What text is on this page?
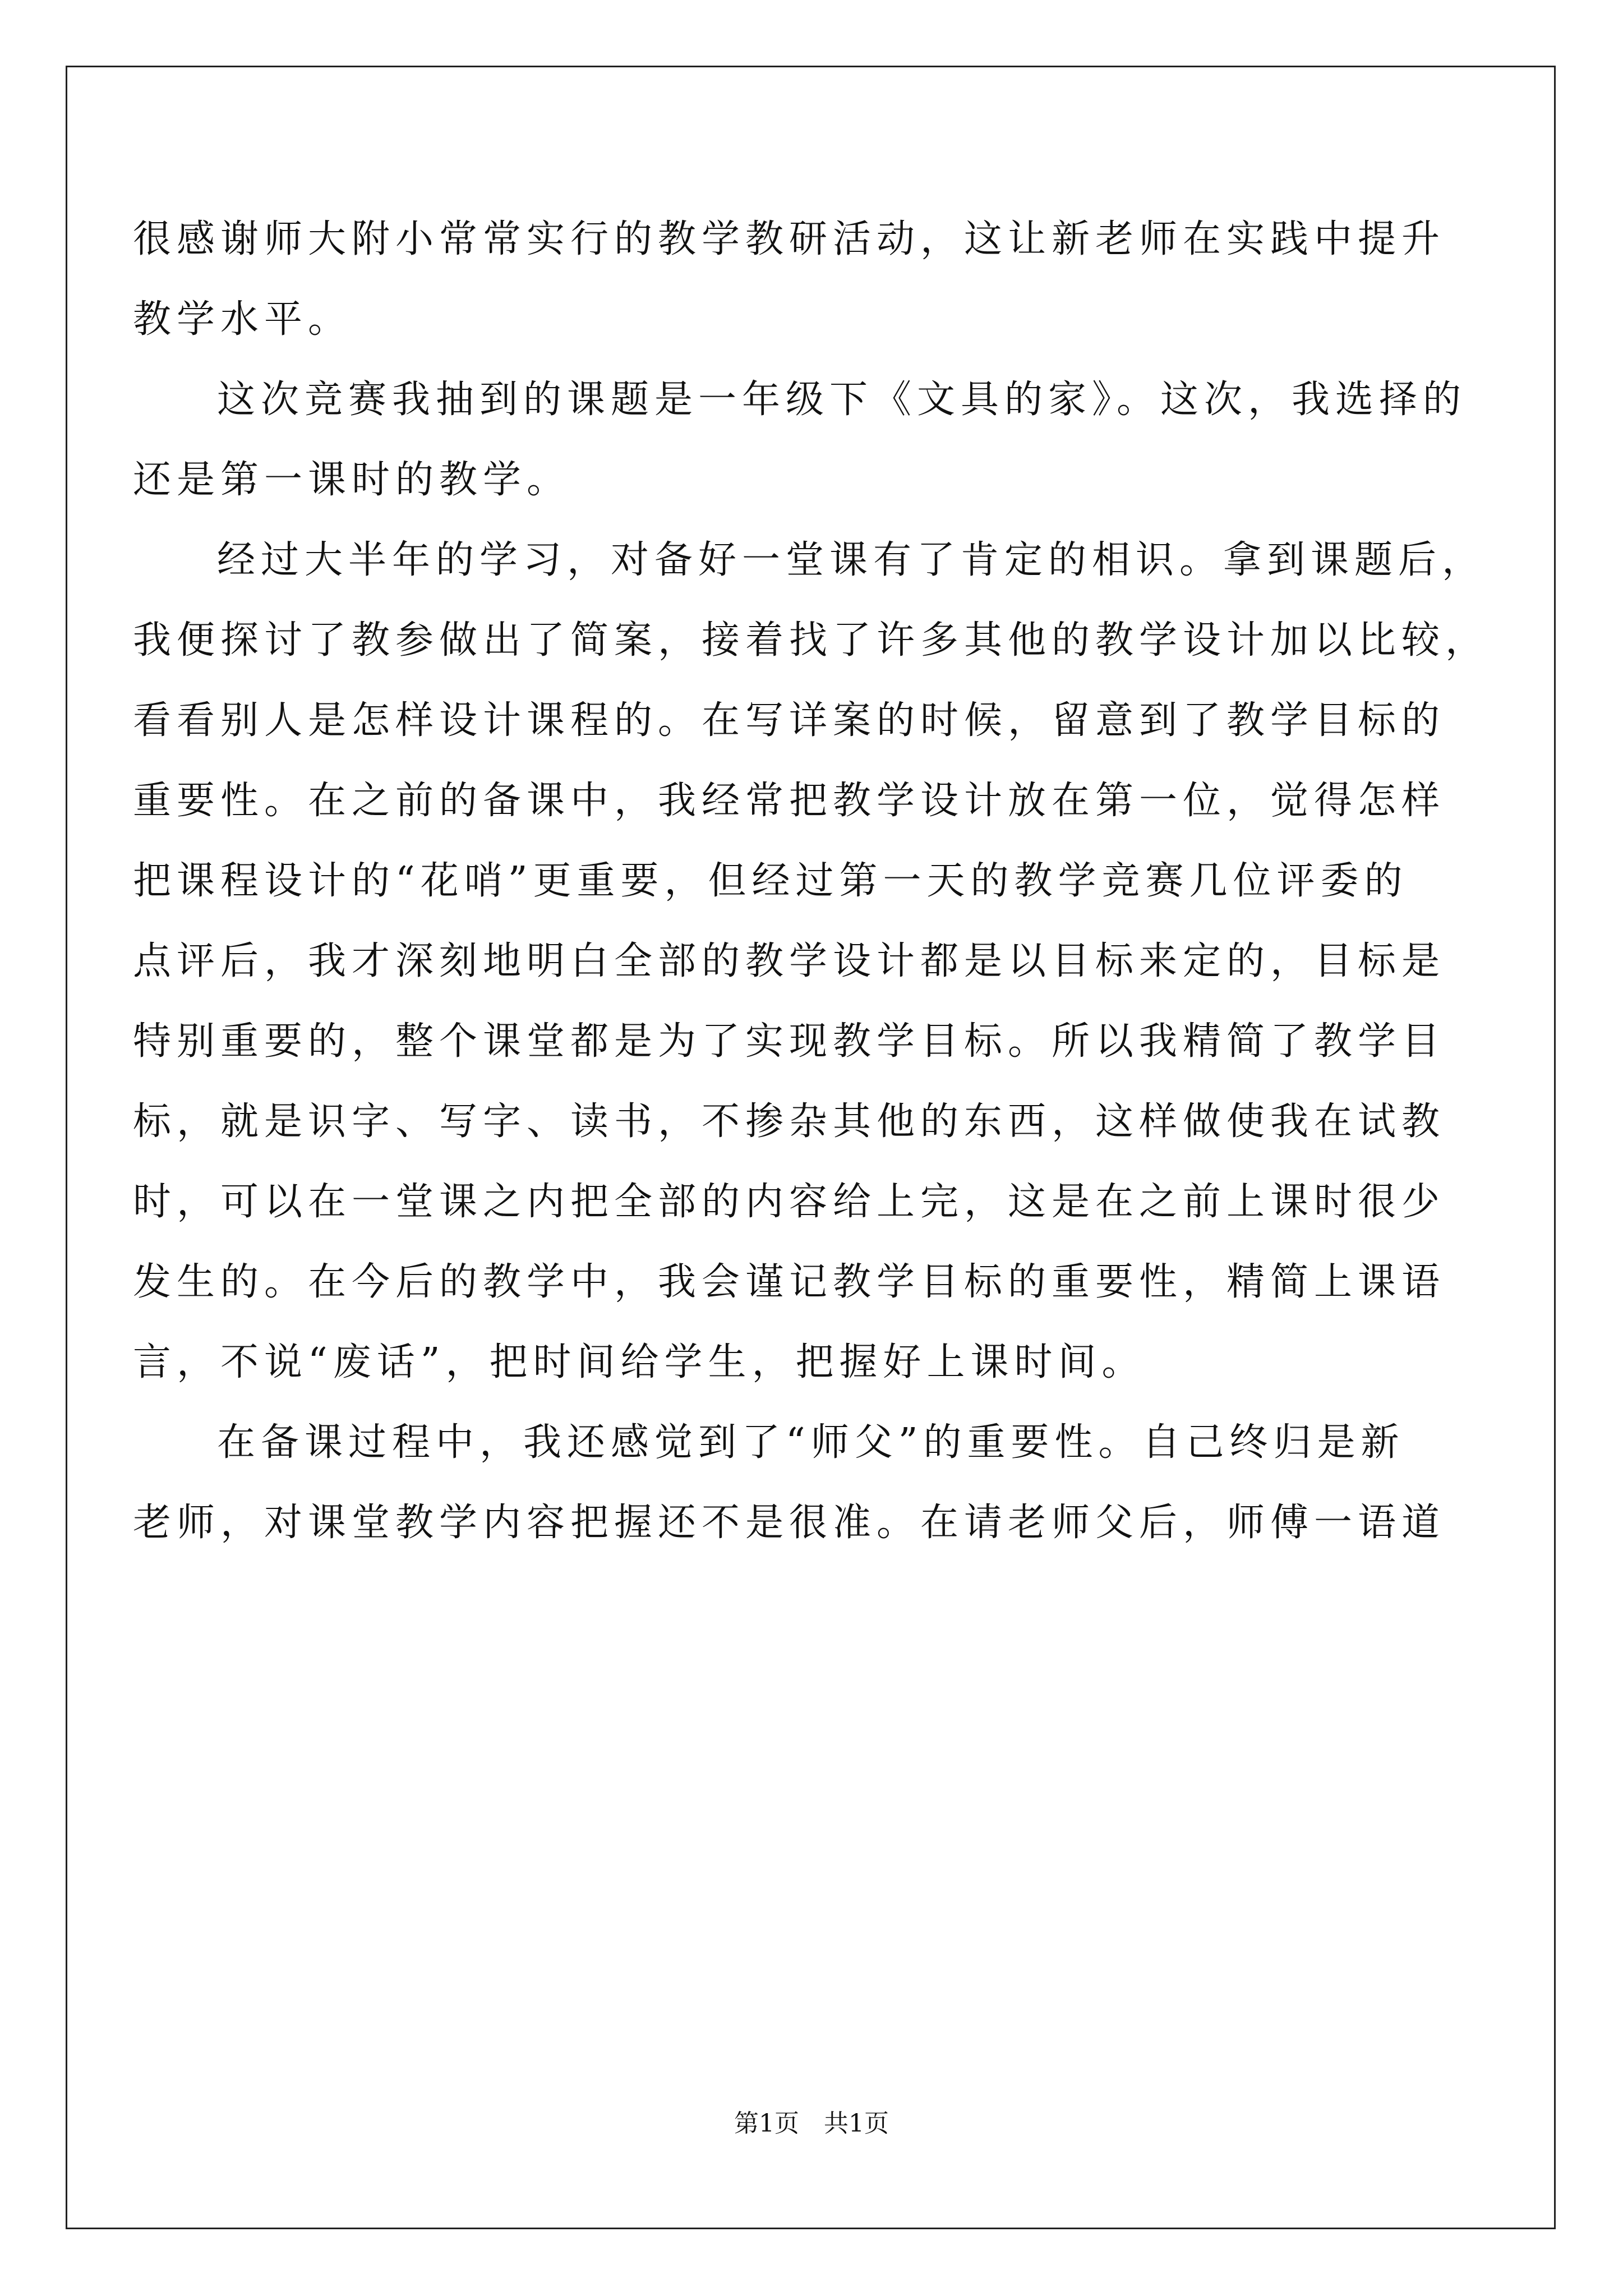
很感谢师大附小常常实行的教学教研活动，这让新老师在实践中提升
教学水平。
这次竞赛我抽到的课题是一年级下《文具的家》。这次，我选择的
还是第一课时的教学。
经过大半年的学习，对备好一堂课有了肯定的相识。拿到课题后，
我便探讨了教参做出了简案，接着找了许多其他的教学设计加以比较，
看看别人是怎样设计课程的。在写详案的时候，留意到了教学目标的
重要性。在之前的备课中，我经常把教学设计放在第一位，觉得怎样
把课程设计的“花哨”更重要，但经过第一天的教学竞赛几位评委的
点评后，我才深刻地明白全部的教学设计都是以目标来定的，目标是
特别重要的，整个课堂都是为了实现教学目标。所以我精简了教学目
标，就是识字、写字、读书，不掺杂其他的东西，这样做使我在试教
时，可以在一堂课之内把全部的内容给上完，这是在之前上课时很少
发生的。在今后的教学中，我会谨记教学目标的重要性，精简上课语
言，不说“废话”，把时间给学生，把握好上课时间。
在备课过程中，我还感觉到了“师父”的重要性。自己终归是新
老师，对课堂教学内容把握还不是很准。在请老师父后，师傅一语道
第1页 共1页
